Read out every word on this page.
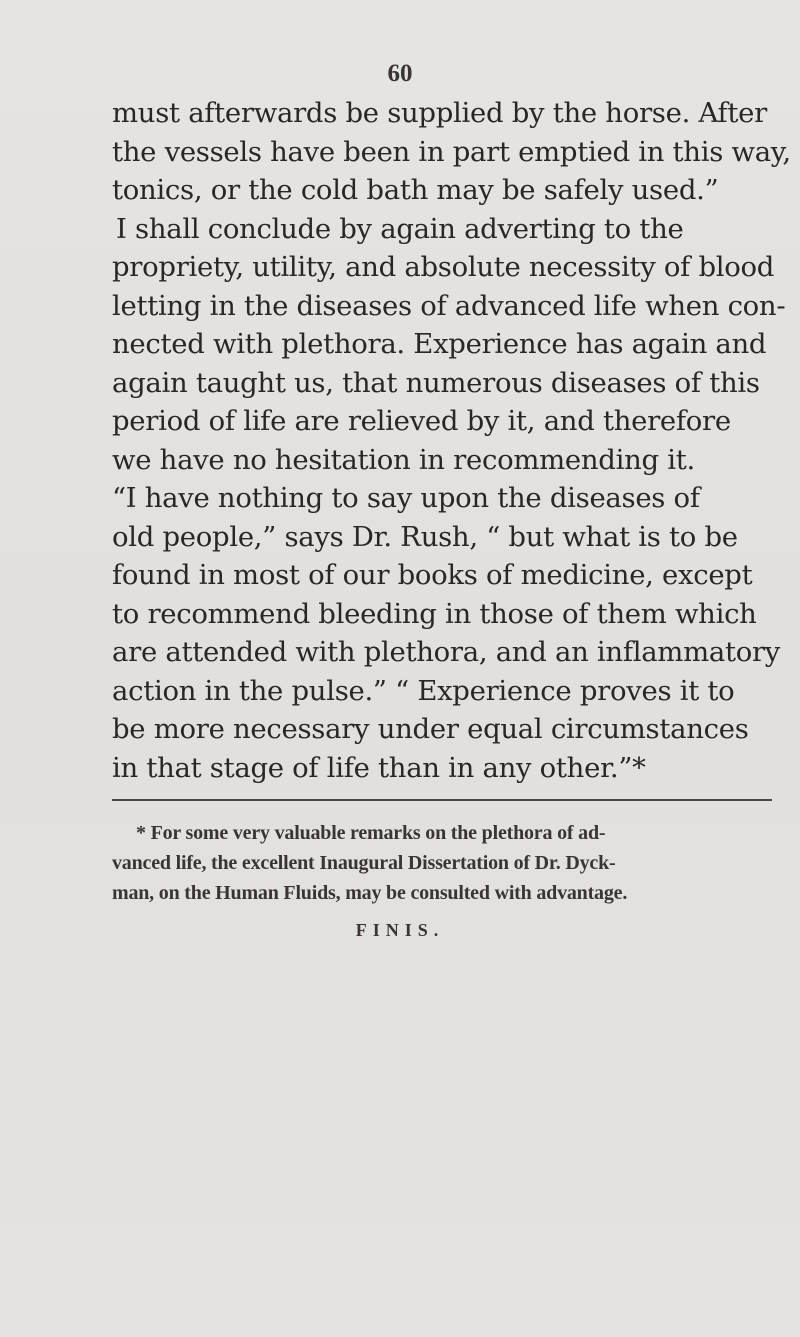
60

must afterwards be supplied by the horse. After
the vessels have been in part emptied in this way,
tonics, or the cold bath may be safely used.”
I shall conclude by again adverting to the
propriety, utility, and absolute necessity of blood
letting in the diseases of advanced life when con-
nected with plethora. Experience has again and
again taught us, that numerous diseases of this
period of life are relieved by it, and therefore
we have no hesitation in recommending it.
“I have nothing to say upon the diseases of
old people,” says Dr. Rush, “ but what is to be
found in most of our books of medicine, except
to recommend bleeding in those of them which
are attended with plethora, and an inflammatory
action in the pulse.” “ Experience proves it to
be more necessary under equal circumstances
in that stage of life than in any other.”*
* For some very valuable remarks on the plethora of ad-
vanced life, the excellent Inaugural Dissertation of Dr. Dyck-
man, on the Human Fluids, may be consulted with advantage.
FINIS.
